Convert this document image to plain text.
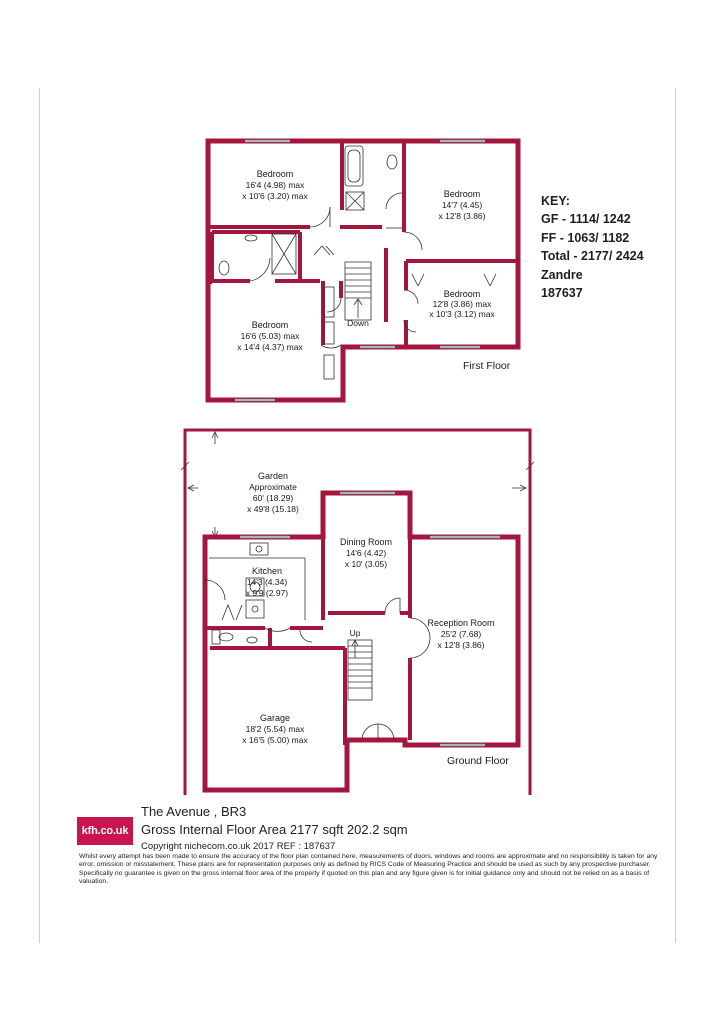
Bedroom
16'4 (4.98) max
x 10'6 (3.20) max	Bedroom
14'7 (4.45)
x 12'8 (3.86)
Bedroom
12'8 (3.86) max
x 10'3 (3.12) max
Bedroom
16'6 (5.03) max
x 14'4 (4.37) max
Down
First Floor
Garden
Approximate
60' (18.29)
x 49'8 (15.18)
Dining Room
14'6 (4.42)
x 10' (3.05)
Kitchen
14'3 (4.34)
x 9'9 (2.97)
Reception Room
25'2 (7.68)
x 12'8 (3.86)
Garage
18'2 (5.54) max
x 16'5 (5.00) max
Up
Ground Floor
KEY:
GF - 1114/ 1242
FF - 1063/ 1182
Total - 2177/ 2424
Zandre
187637
kfh.co.uk
The Avenue , BR3
Gross Internal Floor Area 2177 sqft 202.2 sqm
Copyright nichecom.co.uk 2017 REF : 187637
Whilst every attempt has been made to ensure the accuracy of the floor plan contained here, measurements of doors, windows and rooms are approximate and no responsibility is taken for any error, omission or misstatement. These plans are for representation purposes only as defined by RICS Code of Measuring Practice and should be used as such by any prospective purchaser. Specifically no guarantee is given on the gross internal floor area of the property if quoted on this plan and any figure given is for initial guidance only and should not be relied on as a basis of valuation.
